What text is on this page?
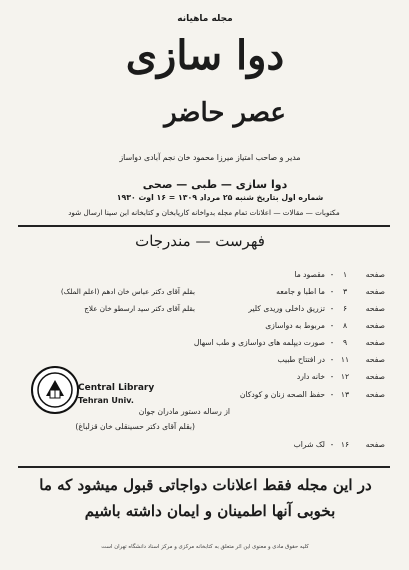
مجله ماهیانه
دوا سازی
عصر حاضر
مدیر و صاحب امتیاز میرزا محمود خان نجم آبادی دواساز
دوا سازی — طبی — صحی
شماره اول بتاریخ شنبه ۲۵ مرداد ۱۳۰۹ = ۱۶ اوت ۱۹۳۰
مکتوبات — مقالات — اعلانات تمام مجله بدواخانه کاریابخان و کتابخانه ابن سینا ارسال شود
فهرست — مندرجات
صفحه
۱
-
مقصود ما
صفحه
۳
-
ما اطبا و جامعه
بقلم آقای دکتر عباس خان ادهم (اعلم الملک)
صفحه
۶
-
تزریق داخلی وریدی کلیر
بقلم آقای دکتر سید ارسطو خان علاج
صفحه
۸
-
مربوط به دواسازی
صفحه
۹
-
صورت دیپلمه های دواسازی و طب اسهال
صفحه
۱۱
-
در افتتاح طبیب
صفحه
۱۲
-
خانه دارد
صفحه
۱۳
-
حفظ الصحه زنان و کودکان
از رساله دستور مادران جوان
(بقلم آقای دکتر حسینقلی خان قزلباغ)
صفحه
۱۶
-
لک شراب
Central Library
Tehran Univ.
در این مجله فقط اعلانات دواجاتی قبول میشود که ما
بخوبی آنها اطمینان و ایمان داشته باشیم
کلیه حقوق مادی و معنوی این اثر متعلق به کتابخانه مرکزی و مرکز اسناد دانشگاه تهران است
